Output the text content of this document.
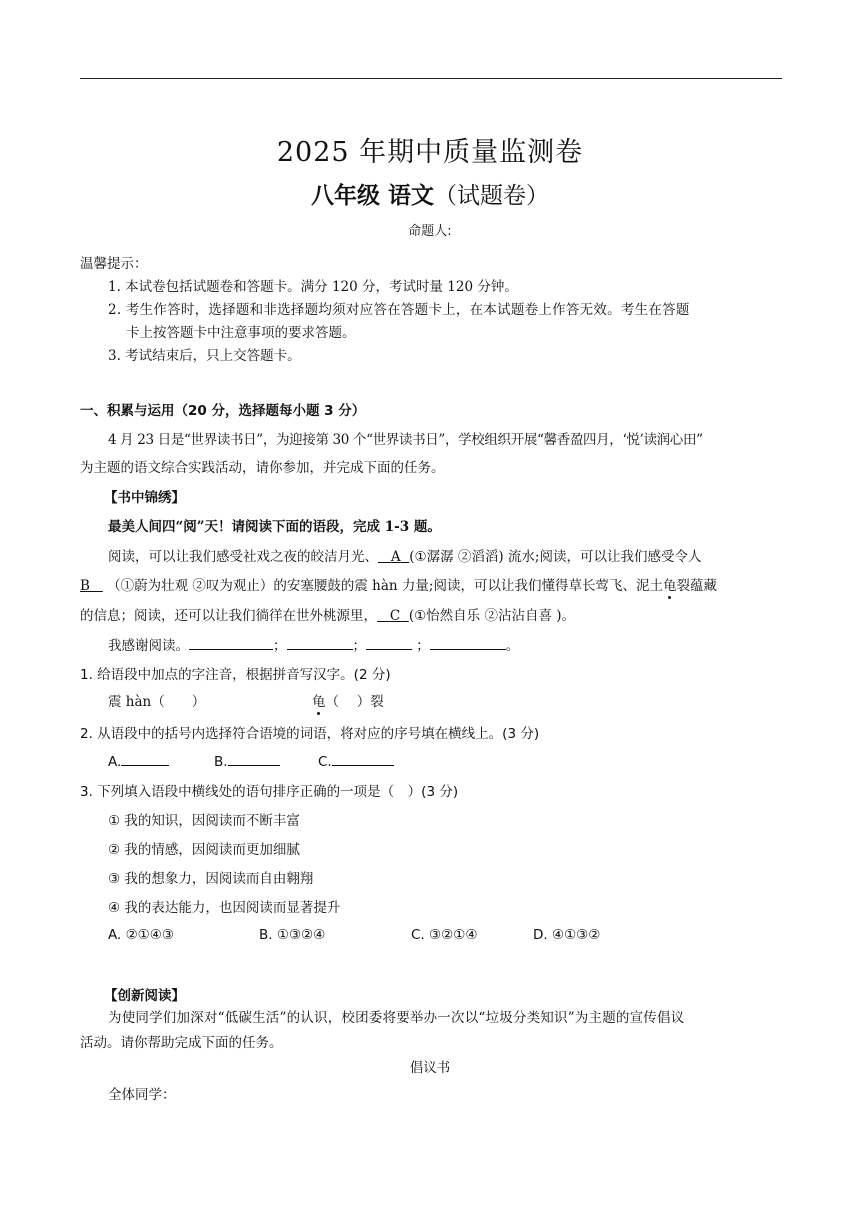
2025 年期中质量监测卷
八年级 语文（试题卷）
命题人:
温馨提示：
1. 本试卷包括试题卷和答题卡。满分 120 分，考试时量 120 分钟。
2. 考生作答时，选择题和非选择题均须对应答在答题卡上，在本试题卷上作答无效。考生在答题
卡上按答题卡中注意事项的要求答题。
3. 考试结束后，只上交答题卡。
一、积累与运用（20 分，选择题每小题 3 分）
4 月 23 日是“世界读书日”，为迎接第 30 个“世界读书日”，学校组织开展“馨香盈四月，‘悦’读润心田”
为主题的语文综合实践活动，请你参加，并完成下面的任务。
【书中锦绣】
最美人间四“阅”天！请阅读下面的语段，完成 1-3 题。
阅读，可以让我们感受社戏之夜的皎洁月光、 A (①潺潺 ②滔滔) 流水;阅读，可以让我们感受令人
B （①蔚为壮观 ②叹为观止）的安塞腰鼓的震 hàn 力量;阅读，可以让我们懂得草长莺飞、泥土龟裂蕴藏
的信息；阅读，还可以让我们徜徉在世外桃源里， C (①怡然自乐 ②沾沾自喜 )。
我感谢阅读。	；	；	；	。
1. 给语段中加点的字注音，根据拼音写汉字。(2 分)
震 hàn（　　）	龟（　 ）裂
2. 从语段中的括号内选择符合语境的词语，将对应的序号填在横线上。(3 分)
A.	B.	C.
3. 下列填入语段中横线处的语句排序正确的一项是（　）(3 分)
① 我的知识，因阅读而不断丰富
② 我的情感，因阅读而更加细腻
③ 我的想象力，因阅读而自由翱翔
④ 我的表达能力，也因阅读而显著提升
A. ②①④③	B. ①③②④	C. ③②①④	D. ④①③②
【创新阅读】
为使同学们加深对“低碳生活”的认识，校团委将要举办一次以“垃圾分类知识”为主题的宣传倡议
活动。请你帮助完成下面的任务。
倡议书
全体同学：
